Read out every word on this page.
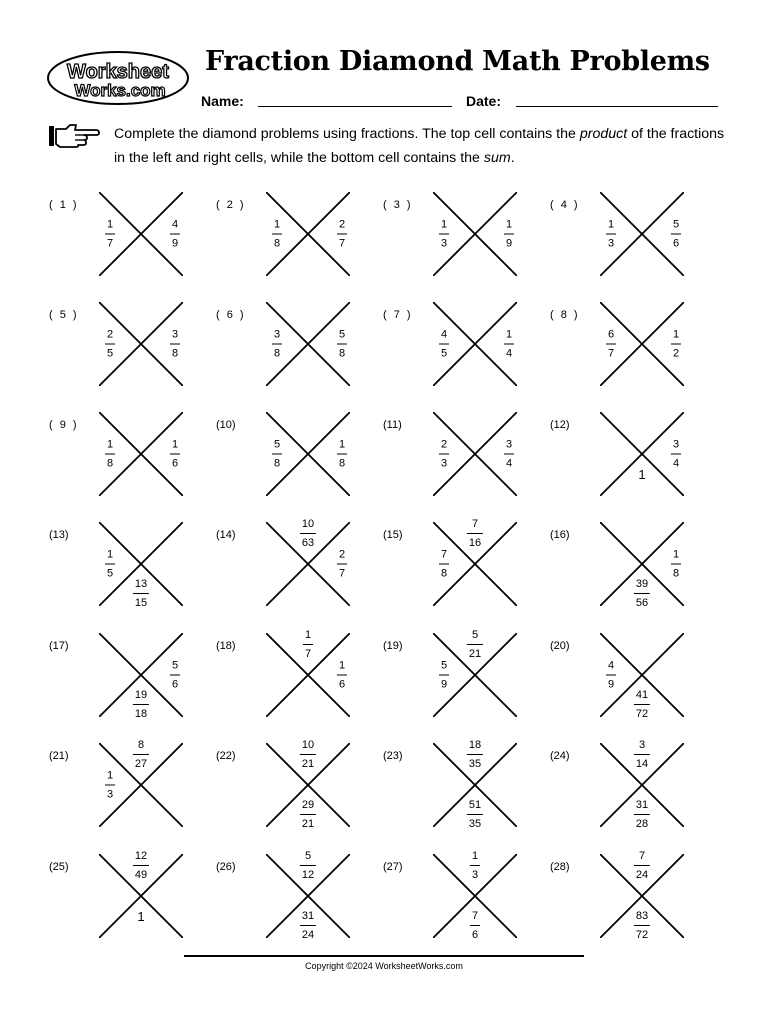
Worksheet
Works.com
Fraction Diamond Math Problems
Name:	Date:
Complete the diamond problems using fractions. The top cell contains the product of the fractions in the left and right cells, while the bottom cell contains the sum.
( 1 )
$\frac{1}{7}$	$\frac{4}{9}$
( 2 )
$\frac{1}{8}$	$\frac{2}{7}$
( 3 )
$\frac{1}{3}$	$\frac{1}{9}$
( 4 )
$\frac{1}{3}$	$\frac{5}{6}$
( 5 )
$\frac{2}{5}$	$\frac{3}{8}$
( 6 )
$\frac{3}{8}$	$\frac{5}{8}$
( 7 )
$\frac{4}{5}$	$\frac{1}{4}$
( 8 )
$\frac{6}{7}$	$\frac{1}{2}$
( 9 )
$\frac{1}{8}$	$\frac{1}{6}$
(10)
$\frac{5}{8}$	$\frac{1}{8}$
(11)
$\frac{2}{3}$	$\frac{3}{4}$
(12)
$\frac{3}{4}$
1
(13)
$\frac{1}{5}$
$\frac{13}{15}$
(14)	$\frac{10}{63}$
$\frac{2}{7}$
(15)	$\frac{7}{16}$
$\frac{7}{8}$
(16)
$\frac{1}{8}$
$\frac{39}{56}$
(17)
$\frac{5}{6}$
$\frac{19}{18}$
(18)	$\frac{1}{7}$
$\frac{1}{6}$
(19)	$\frac{5}{21}$
$\frac{5}{9}$
(20)
$\frac{4}{9}$
$\frac{41}{72}$
(21)	$\frac{8}{27}$
$\frac{1}{3}$
(22)	$\frac{10}{21}$
$\frac{29}{21}$
(23)	$\frac{18}{35}$
$\frac{51}{35}$
(24)	$\frac{3}{14}$
$\frac{31}{28}$
(25)	$\frac{12}{49}$
1
(26)	$\frac{5}{12}$
$\frac{31}{24}$
(27)	$\frac{1}{3}$
$\frac{7}{6}$
(28)	$\frac{7}{24}$
$\frac{83}{72}$
Copyright ©2024 WorksheetWorks.com
